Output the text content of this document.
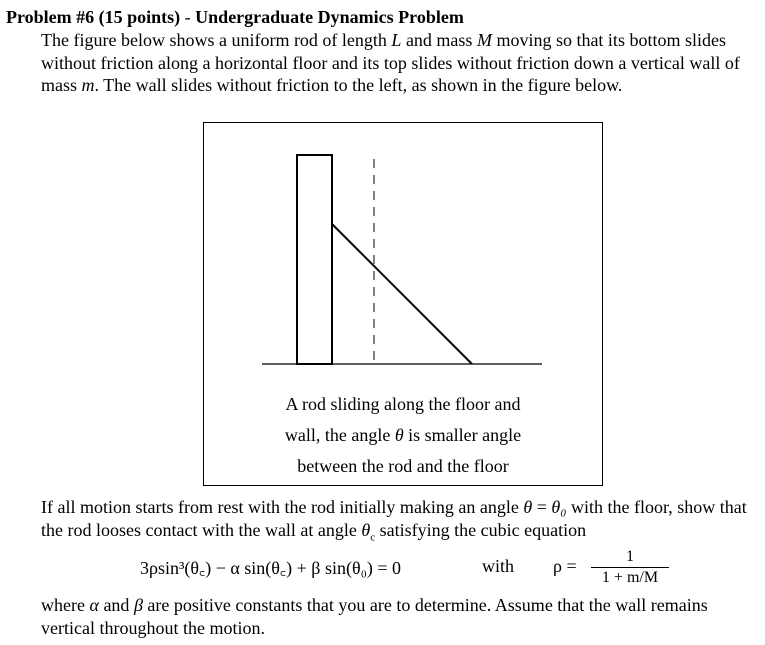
Problem #6 (15 points) - Undergraduate Dynamics Problem
The figure below shows a uniform rod of length L and mass M moving so that its bottom slides without friction along a horizontal floor and its top slides without friction down a vertical wall of mass m. The wall slides without friction to the left, as shown in the figure below.
A rod sliding along the floor and
wall, the angle θ is smaller angle
between the rod and the floor
If all motion starts from rest with the rod initially making an angle θ = θ₀ with the floor, show that the rod looses contact with the wall at angle $\theta_c$ satisfying the cubic equation
3ρsin³(θ꜀) − α sin(θ꜀) + β sin(θ₀) = 0	with ρ =	1
1 + m/M
where α and β are positive constants that you are to determine. Assume that the wall remains vertical throughout the motion.
